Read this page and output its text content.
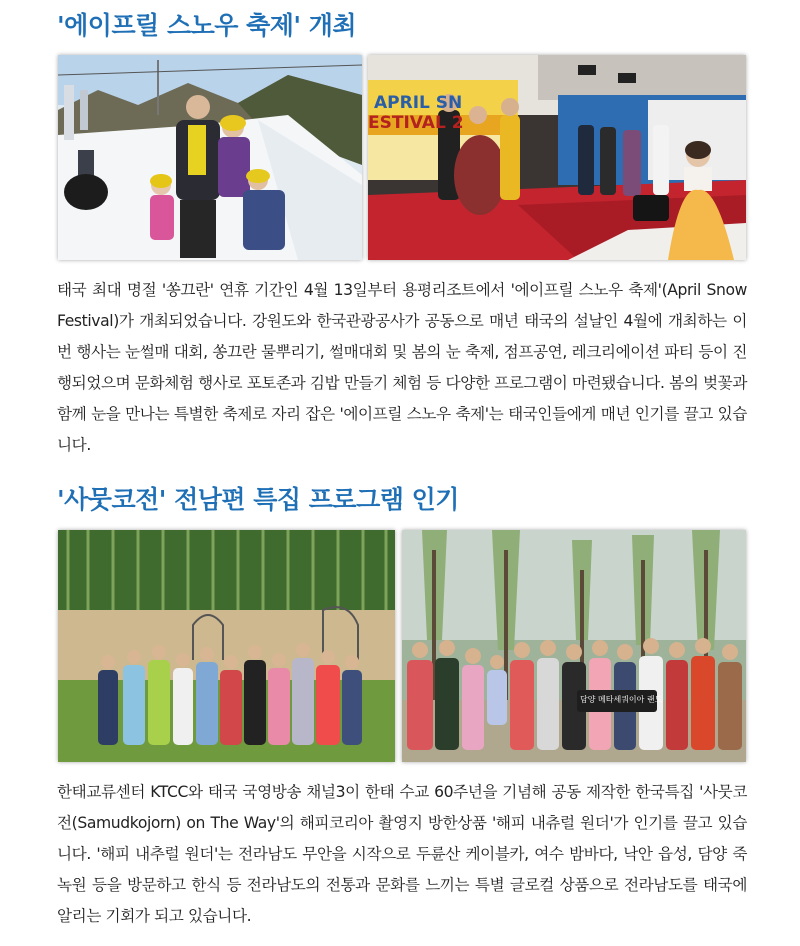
'에이프릴 스노우 축제' 개최
APRIL SN
ESTIVAL 2

태국 최대 명절 '쏭끄란' 연휴 기간인 4월 13일부터 용평리조트에서 '에이프릴 스노우 축제'(April Snow Festival)가 개최되었습니다. 강원도와 한국관광공사가 공동으로 매년 태국의 설날인 4월에 개최하는 이번 행사는 눈썰매 대회, 쏭끄란 물뿌리기, 썰매대회 및 봄의 눈 축제, 점프공연, 레크리에이션 파티 등이 진행되었으며 문화체험 행사로 포토존과 김밥 만들기 체험 등 다양한 프로그램이 마련됐습니다. 봄의 벚꽃과 함께 눈을 만나는 특별한 축제로 자리 잡은 '에이프릴 스노우 축제'는 태국인들에게 매년 인기를 끌고 있습니다.

'사뭇코전' 전남편 특집 프로그램 인기
담양 메타세쿼이아 랜드

한태교류센터 KTCC와 태국 국영방송 채널3이 한태 수교 60주년을 기념해 공동 제작한 한국특집 '사뭇코전(Samudkojorn) on The Way'의 해피코리아 촬영지 방한상품 '해피 내츄럴 원더'가 인기를 끌고 있습니다. '해피 내추럴 원더'는 전라남도 무안을 시작으로 두륜산 케이블카, 여수 밤바다, 낙안 읍성, 담양 죽녹원 등을 방문하고 한식 등 전라남도의 전통과 문화를 느끼는 특별 글로컬 상품으로 전라남도를 태국에 알리는 기회가 되고 있습니다.
